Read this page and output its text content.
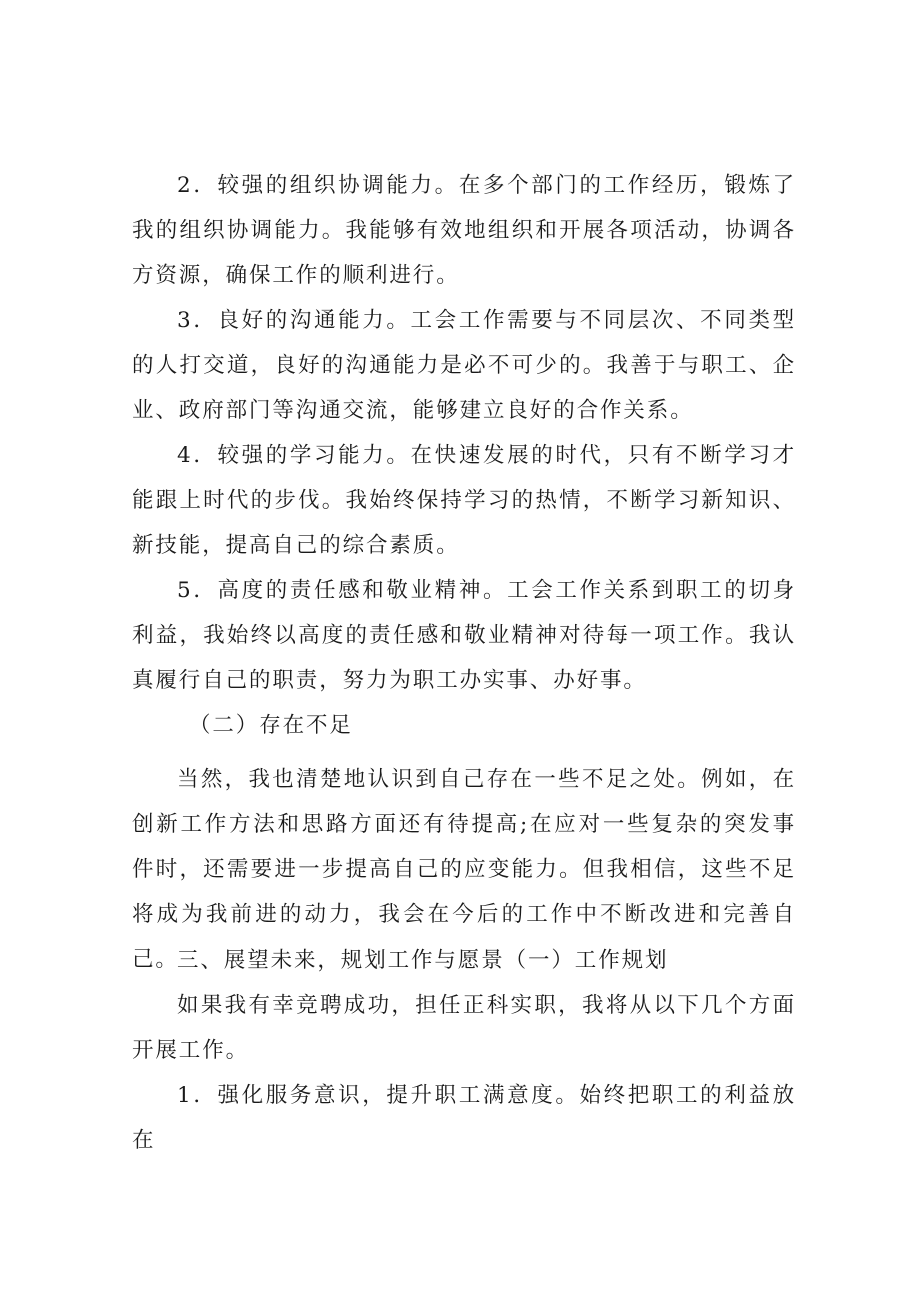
2．较强的组织协调能力。在多个部门的工作经历，锻炼了我的组织协调能力。我能够有效地组织和开展各项活动，协调各方资源，确保工作的顺利进行。

3．良好的沟通能力。工会工作需要与不同层次、不同类型的人打交道，良好的沟通能力是必不可少的。我善于与职工、企业、政府部门等沟通交流，能够建立良好的合作关系。

4．较强的学习能力。在快速发展的时代，只有不断学习才能跟上时代的步伐。我始终保持学习的热情，不断学习新知识、新技能，提高自己的综合素质。

5．高度的责任感和敬业精神。工会工作关系到职工的切身利益，我始终以高度的责任感和敬业精神对待每一项工作。我认真履行自己的职责，努力为职工办实事、办好事。

（二）存在不足

当然，我也清楚地认识到自己存在一些不足之处。例如，在创新工作方法和思路方面还有待提高;在应对一些复杂的突发事件时，还需要进一步提高自己的应变能力。但我相信，这些不足将成为我前进的动力，我会在今后的工作中不断改进和完善自己。

三、展望未来，规划工作与愿景（一）工作规划

如果我有幸竞聘成功，担任正科实职，我将从以下几个方面开展工作。

1．强化服务意识，提升职工满意度。始终把职工的利益放在
